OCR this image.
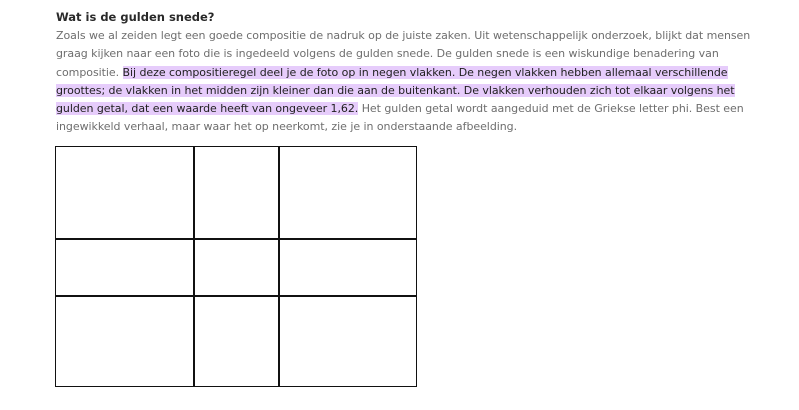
Wat is de gulden snede?

Zoals we al zeiden legt een goede compositie de nadruk op de juiste zaken. Uit wetenschappelijk onderzoek, blijkt dat mensen graag kijken naar een foto die is ingedeeld volgens de gulden snede. De gulden snede is een wiskundige benadering van compositie. Bij deze compositieregel deel je de foto op in negen vlakken. De negen vlakken hebben allemaal verschillende groottes; de vlakken in het midden zijn kleiner dan die aan de buitenkant. De vlakken verhouden zich tot elkaar volgens het gulden getal, dat een waarde heeft van ongeveer 1,62. Het gulden getal wordt aangeduid met de Griekse letter phi. Best een ingewikkeld verhaal, maar waar het op neerkomt, zie je in onderstaande afbeelding.
